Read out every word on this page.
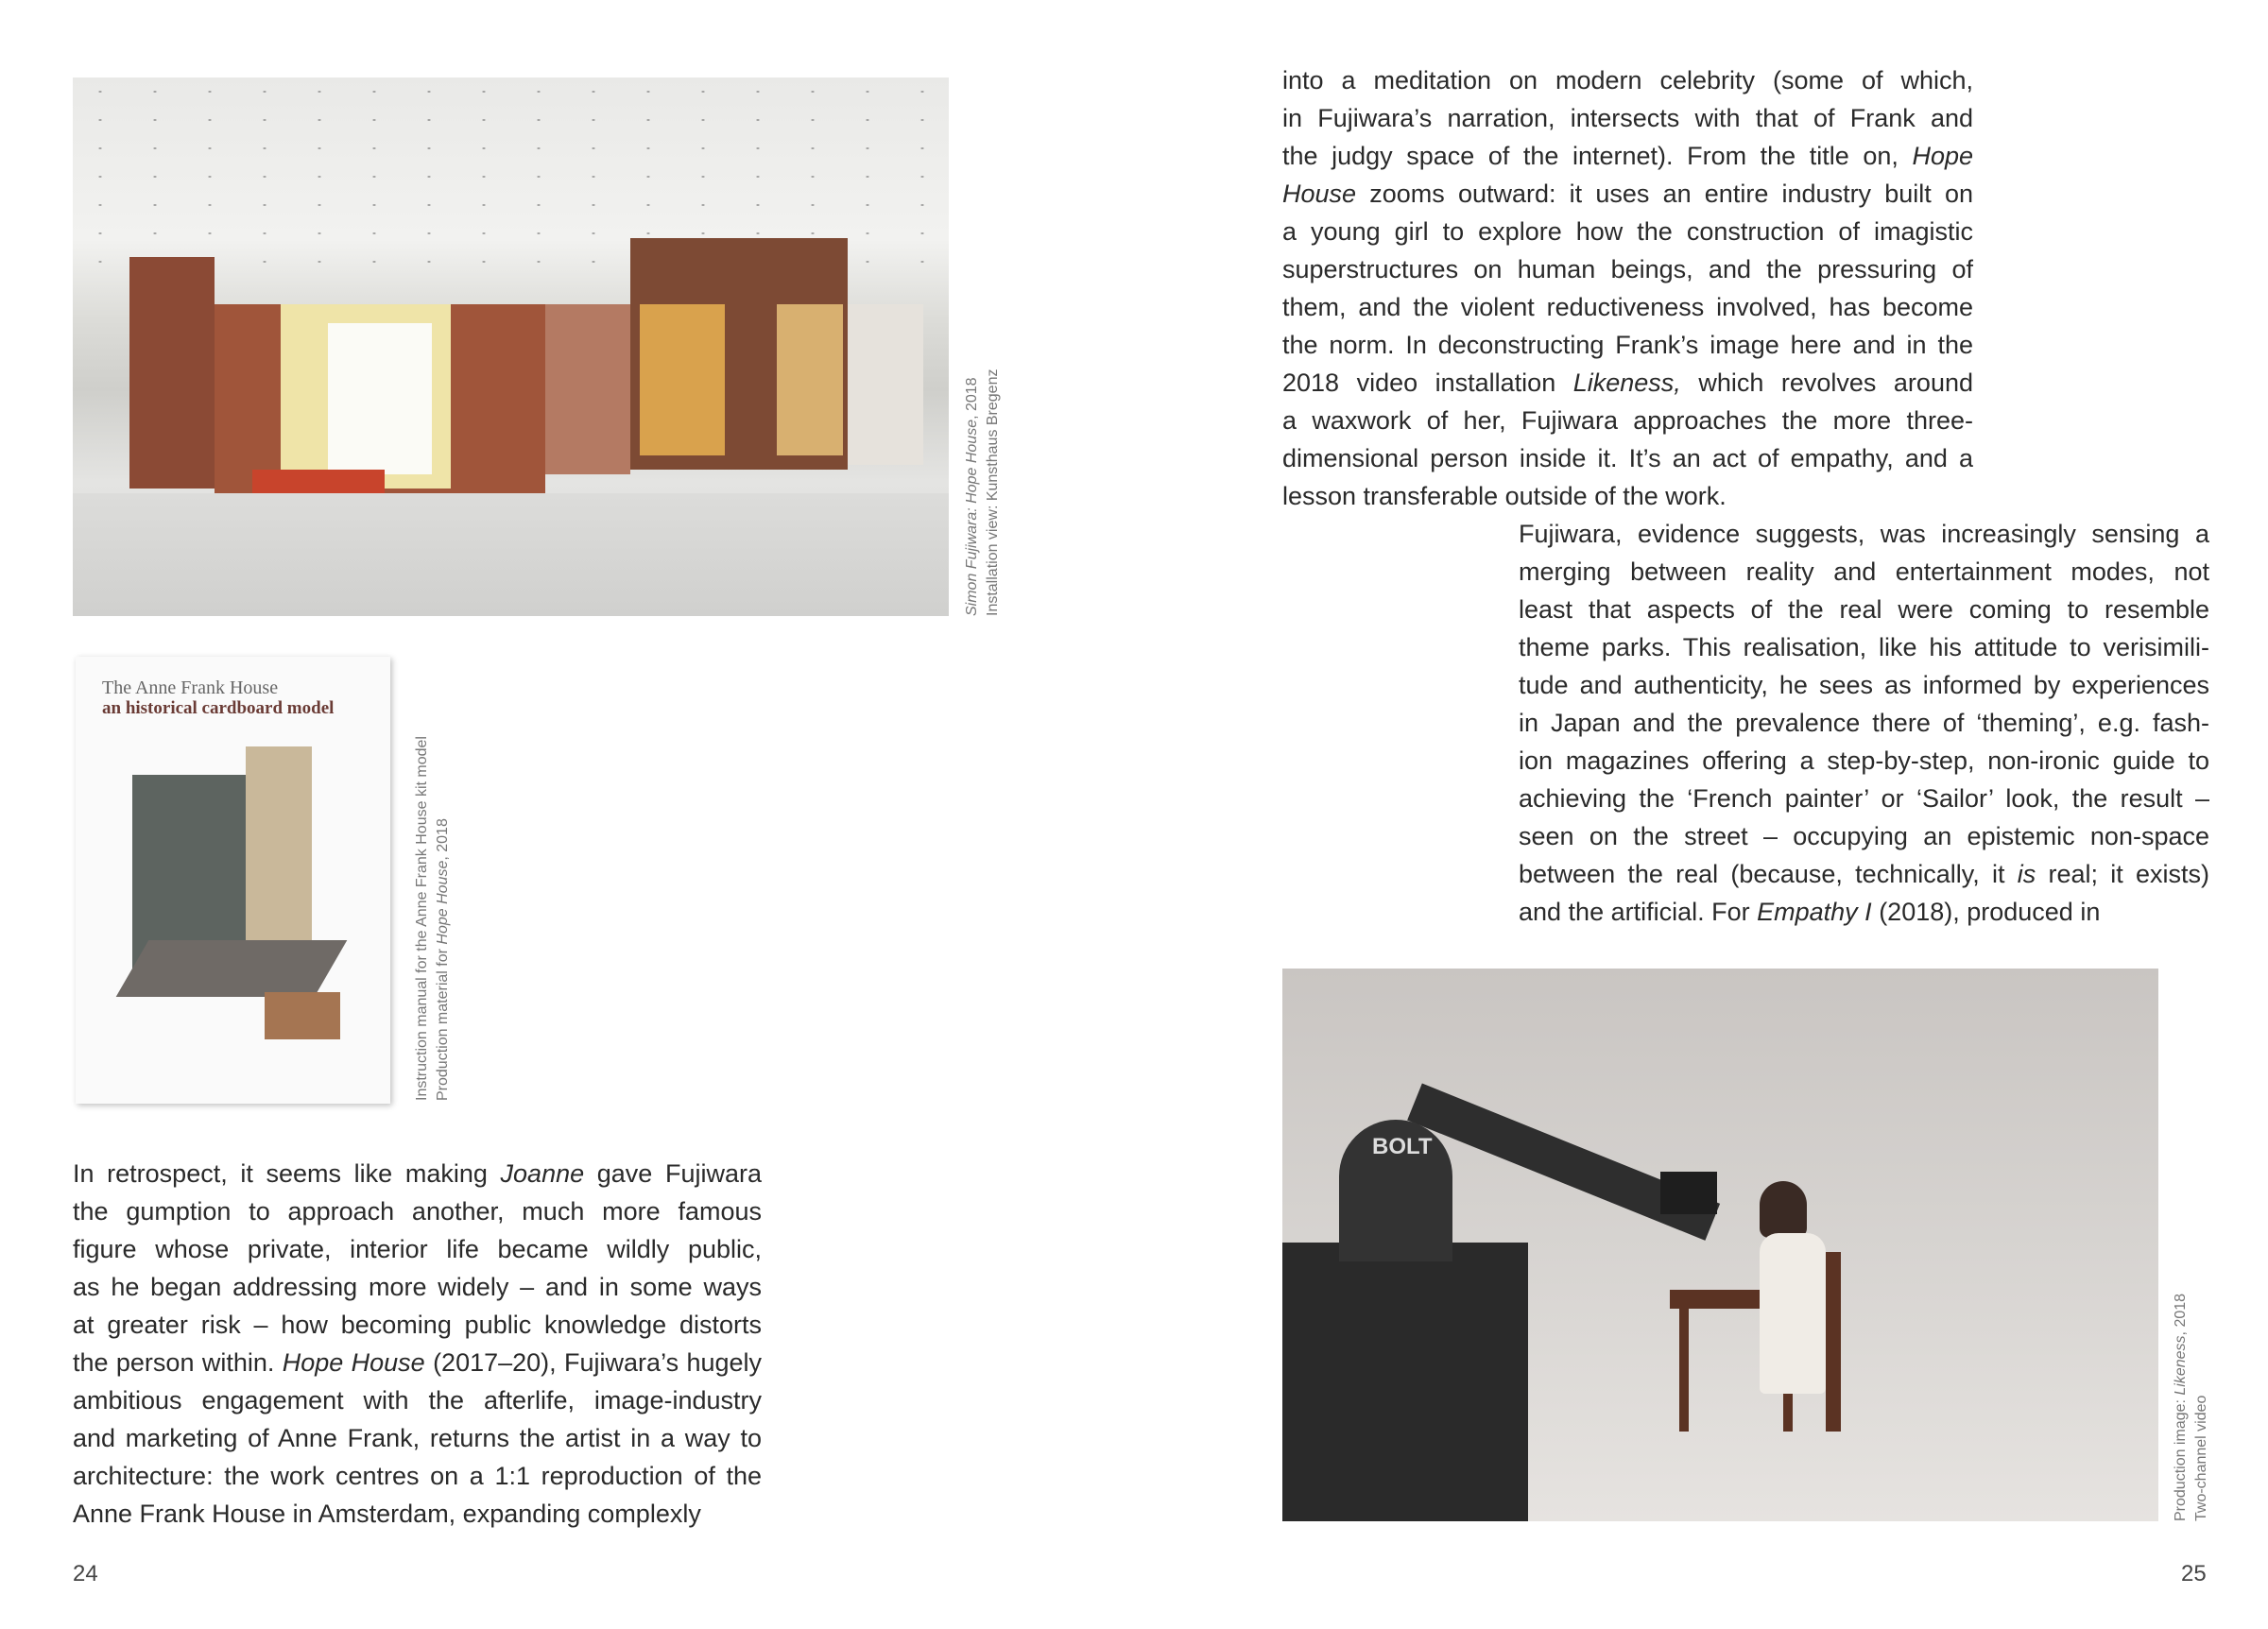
Simon Fujiwara: Hope House, 2018 Installation view: Kunsthaus Bregenz
The Anne Frank House
an historical cardboard model
Instruction manual for the Anne Frank House kit model Production material for Hope House, 2018
In retrospect, it seems like making Joanne gave Fujiwara
the gumption to approach another, much more famous
figure whose private, interior life became wildly public,
as he began addressing more widely – and in some ways
at greater risk – how becoming public knowledge distorts
the person within. Hope House (2017–20), Fujiwara’s hugely
ambitious engagement with the afterlife, image-industry
and marketing of Anne Frank, returns the artist in a way to
architecture: the work centres on a 1:1 reproduction of the
Anne Frank House in Amsterdam, expanding complexly
into a meditation on modern celebrity (some of which,
in Fujiwara’s narration, intersects with that of Frank and
the judgy space of the internet). From the title on, Hope
House zooms outward: it uses an entire industry built on
a young girl to explore how the construction of imagistic
superstructures on human beings, and the pressuring of
them, and the violent reductiveness involved, has become
the norm. In deconstructing Frank’s image here and in the
2018 video installation Likeness, which revolves around
a waxwork of her, Fujiwara approaches the more three-
dimensional person inside it. It’s an act of empathy, and a
lesson transferable outside of the work.
Fujiwara, evidence suggests, was increasingly sensing a
merging between reality and entertainment modes, not
least that aspects of the real were coming to resemble
theme parks. This realisation, like his attitude to verisimili-
tude and authenticity, he sees as informed by experiences
in Japan and the prevalence there of ‘theming’, e.g. fash-
ion magazines offering a step-by-step, non-ironic guide to
achieving the ‘French painter’ or ‘Sailor’ look, the result –
seen on the street – occupying an epistemic non-space
between the real (because, technically, it is real; it exists)
and the artificial. For Empathy I (2018), produced in
BOLT
Production image: Likeness, 2018
Two-channel video
24	25
